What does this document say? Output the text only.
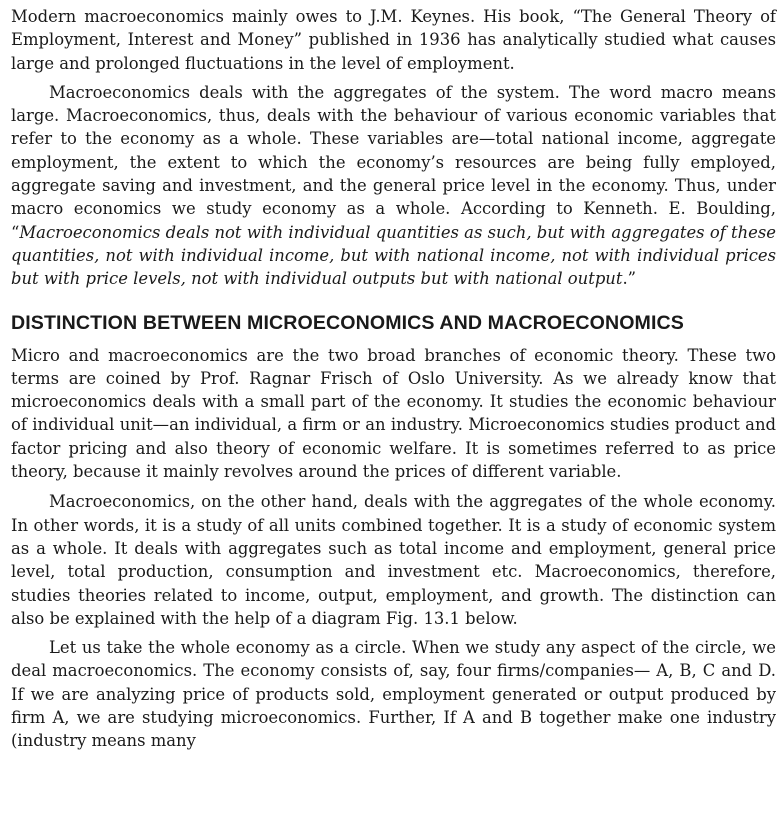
Modern macroeconomics mainly owes to J.M. Keynes. His book, “The General Theory of Employment, Interest and Money” published in 1936 has analytically studied what causes large and prolonged fluctuations in the level of employment.

Macroeconomics deals with the aggregates of the system. The word macro means large. Macroeconomics, thus, deals with the behaviour of various economic variables that refer to the economy as a whole. These variables are—total national income, aggregate employment, the extent to which the economy’s resources are being fully employed, aggregate saving and investment, and the general price level in the economy. Thus, under macro economics we study economy as a whole. According to Kenneth. E. Boulding, “Macroeconomics deals not with individual quantities as such, but with aggregates of these quantities, not with individual income, but with national income, not with individual prices but with price levels, not with individual outputs but with national output.”

DISTINCTION BETWEEN MICROECONOMICS AND MACROECONOMICS

Micro and macroeconomics are the two broad branches of economic theory. These two terms are coined by Prof. Ragnar Frisch of Oslo University. As we already know that microeconomics deals with a small part of the economy. It studies the economic behaviour of individual unit—an individual, a firm or an industry. Microeconomics studies product and factor pricing and also theory of economic welfare. It is sometimes referred to as price theory, because it mainly revolves around the prices of different variable.

Macroeconomics, on the other hand, deals with the aggregates of the whole economy. In other words, it is a study of all units combined together. It is a study of economic system as a whole. It deals with aggregates such as total income and employment, general price level, total production, consumption and investment etc. Macroeconomics, therefore, studies theories related to income, output, employment, and growth. The distinction can also be explained with the help of a diagram Fig. 13.1 below.

Let us take the whole economy as a circle. When we study any aspect of the circle, we deal macroeconomics. The economy consists of, say, four firms/companies— A, B, C and D. If we are analyzing price of products sold, employment generated or output produced by firm A, we are studying microeconomics. Further, If A and B together make one industry (industry means many
